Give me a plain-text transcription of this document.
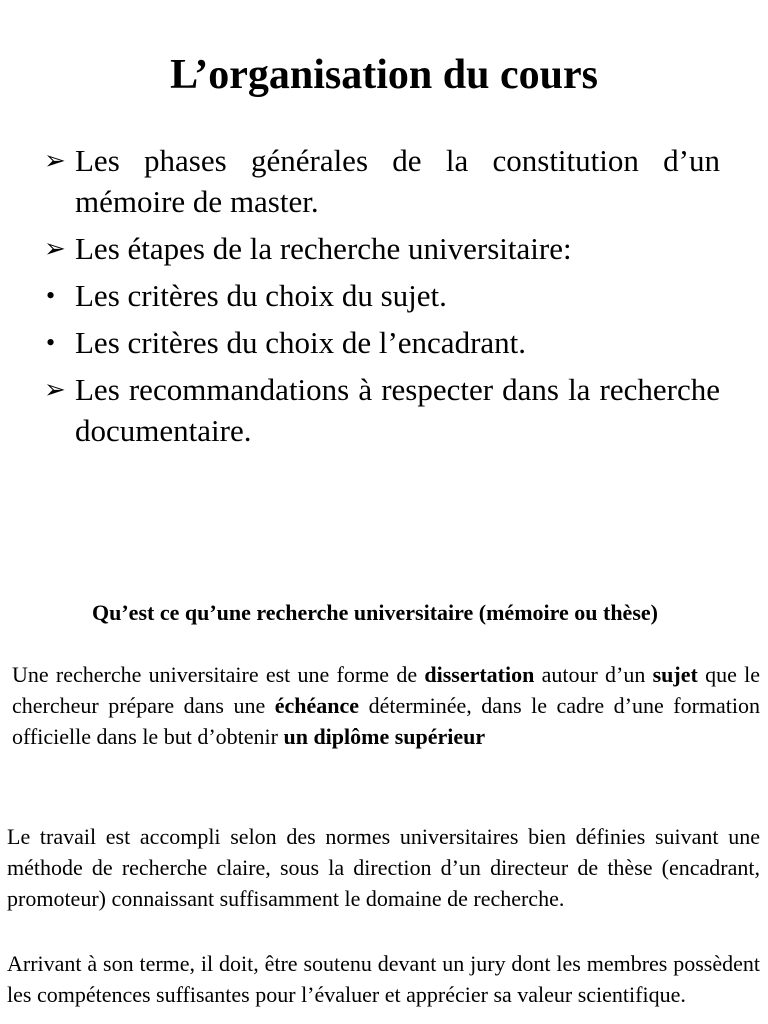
L’organisation du cours
➢ Les phases générales de la constitution d’un mémoire de master.
➢ Les étapes de la recherche universitaire:
• Les critères du choix du sujet.
• Les critères du choix de l’encadrant.
➢ Les recommandations à respecter dans la recherche documentaire.
Qu’est ce qu’une recherche universitaire (mémoire ou thèse)

Une recherche universitaire est une forme de dissertation autour d’un sujet que le chercheur prépare dans une échéance déterminée, dans le cadre d’une formation officielle dans le but d’obtenir un diplôme supérieur

Le travail est accompli selon des normes universitaires bien définies suivant une méthode de recherche claire, sous la direction d’un directeur de thèse (encadrant, promoteur) connaissant suffisamment le domaine de recherche.

Arrivant à son terme, il doit, être soutenu devant un jury dont les membres possèdent les compétences suffisantes pour l’évaluer et apprécier sa valeur scientifique.
